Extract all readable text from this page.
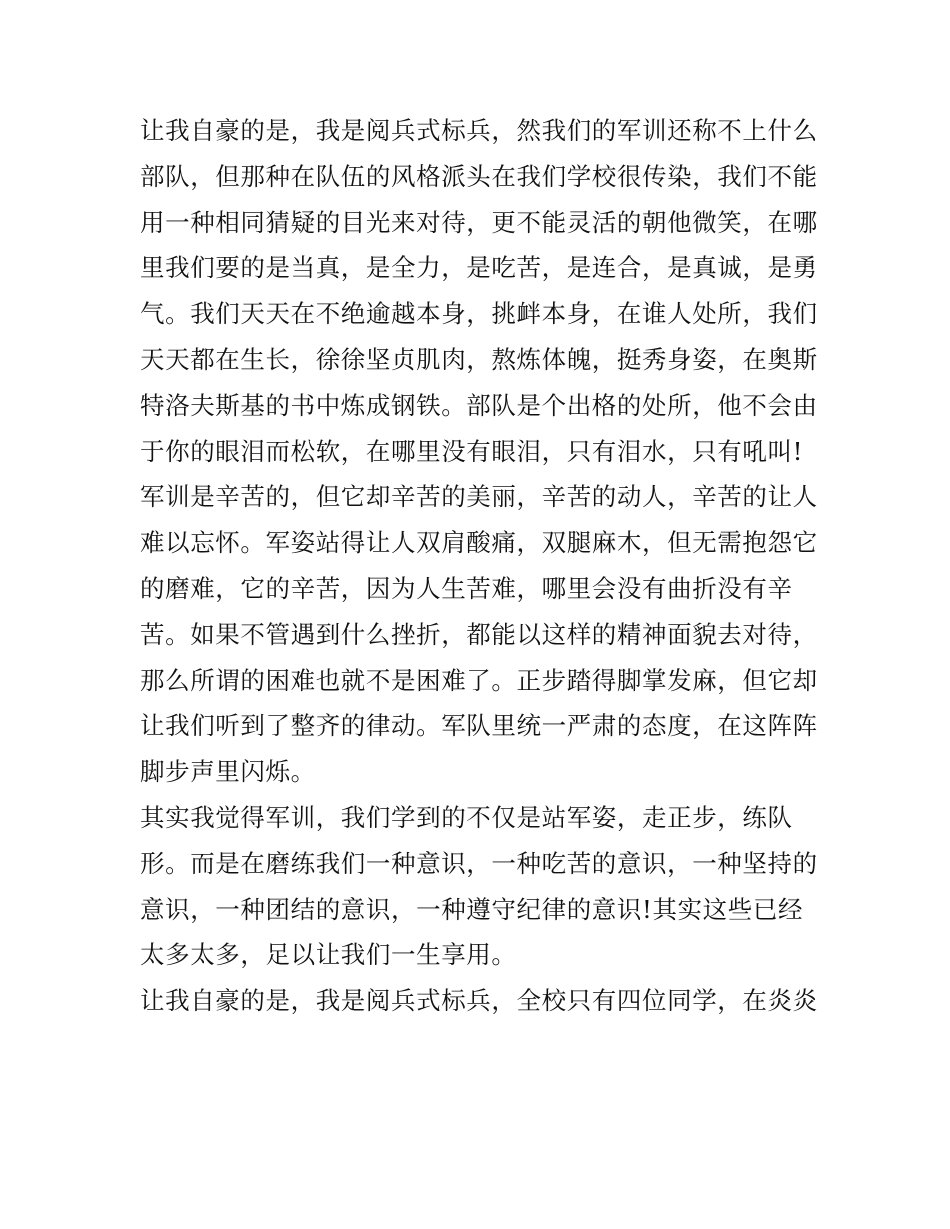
让我自豪的是，我是阅兵式标兵，然我们的军训还称不上什么
部队，但那种在队伍的风格派头在我们学校很传染，我们不能
用一种相同猜疑的目光来对待，更不能灵活的朝他微笑，在哪
里我们要的是当真，是全力，是吃苦，是连合，是真诚，是勇
气。我们天天在不绝逾越本身，挑衅本身，在谁人处所，我们
天天都在生长，徐徐坚贞肌肉，熬炼体魄，挺秀身姿，在奥斯
特洛夫斯基的书中炼成钢铁。部队是个出格的处所，他不会由
于你的眼泪而松软，在哪里没有眼泪，只有泪水，只有吼叫!
军训是辛苦的，但它却辛苦的美丽，辛苦的动人，辛苦的让人
难以忘怀。军姿站得让人双肩酸痛，双腿麻木，但无需抱怨它
的磨难，它的辛苦，因为人生苦难，哪里会没有曲折没有辛
苦。如果不管遇到什么挫折，都能以这样的精神面貌去对待，
那么所谓的困难也就不是困难了。正步踏得脚掌发麻，但它却
让我们听到了整齐的律动。军队里统一严肃的态度，在这阵阵
脚步声里闪烁。
其实我觉得军训，我们学到的不仅是站军姿，走正步，练队
形。而是在磨练我们一种意识，一种吃苦的意识，一种坚持的
意识，一种团结的意识，一种遵守纪律的意识!其实这些已经
太多太多，足以让我们一生享用。
让我自豪的是，我是阅兵式标兵，全校只有四位同学，在炎炎
